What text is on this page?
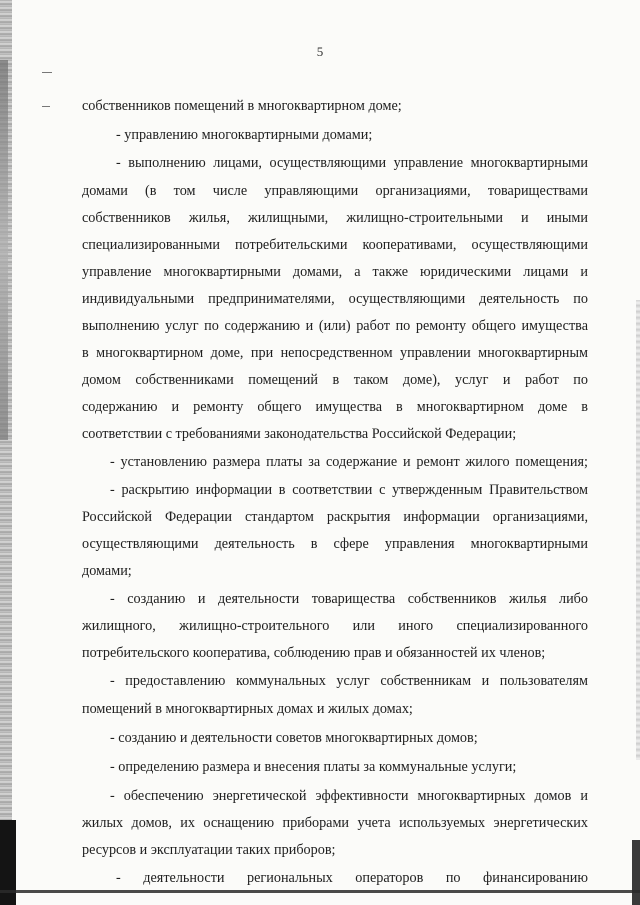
5
собственников помещений в многоквартирном доме;
- управлению многоквартирными домами;
- выполнению лицами, осуществляющими управление многоквартирными
домами (в том числе управляющими организациями, товариществами
собственников жилья, жилищными, жилищно-строительными и иными
специализированными потребительскими кооперативами, осуществляющими
управление многоквартирными домами, а также юридическими лицами и
индивидуальными предпринимателями, осуществляющими деятельность по
выполнению услуг по содержанию и (или) работ по ремонту общего имущества
в многоквартирном доме, при непосредственном управлении многоквартирным
домом собственниками помещений в таком доме), услуг и работ по
содержанию и ремонту общего имущества в многоквартирном доме в
соответствии с требованиями законодательства Российской Федерации;
- установлению размера платы за содержание и ремонт жилого помещения;
- раскрытию информации в соответствии с утвержденным Правительством
Российской Федерации стандартом раскрытия информации организациями,
осуществляющими деятельность в сфере управления многоквартирными
домами;
- созданию и деятельности товарищества собственников жилья либо
жилищного, жилищно-строительного или иного специализированного
потребительского кооператива, соблюдению прав и обязанностей их членов;
- предоставлению коммунальных услуг собственникам и пользователям
помещений в многоквартирных домах и жилых домах;
- созданию и деятельности советов многоквартирных домов;
- определению размера и внесения платы за коммунальные услуги;
- обеспечению энергетической эффективности многоквартирных домов и
жилых домов, их оснащению приборами учета используемых энергетических
ресурсов и эксплуатации таких приборов;
- деятельности региональных операторов по финансированию
